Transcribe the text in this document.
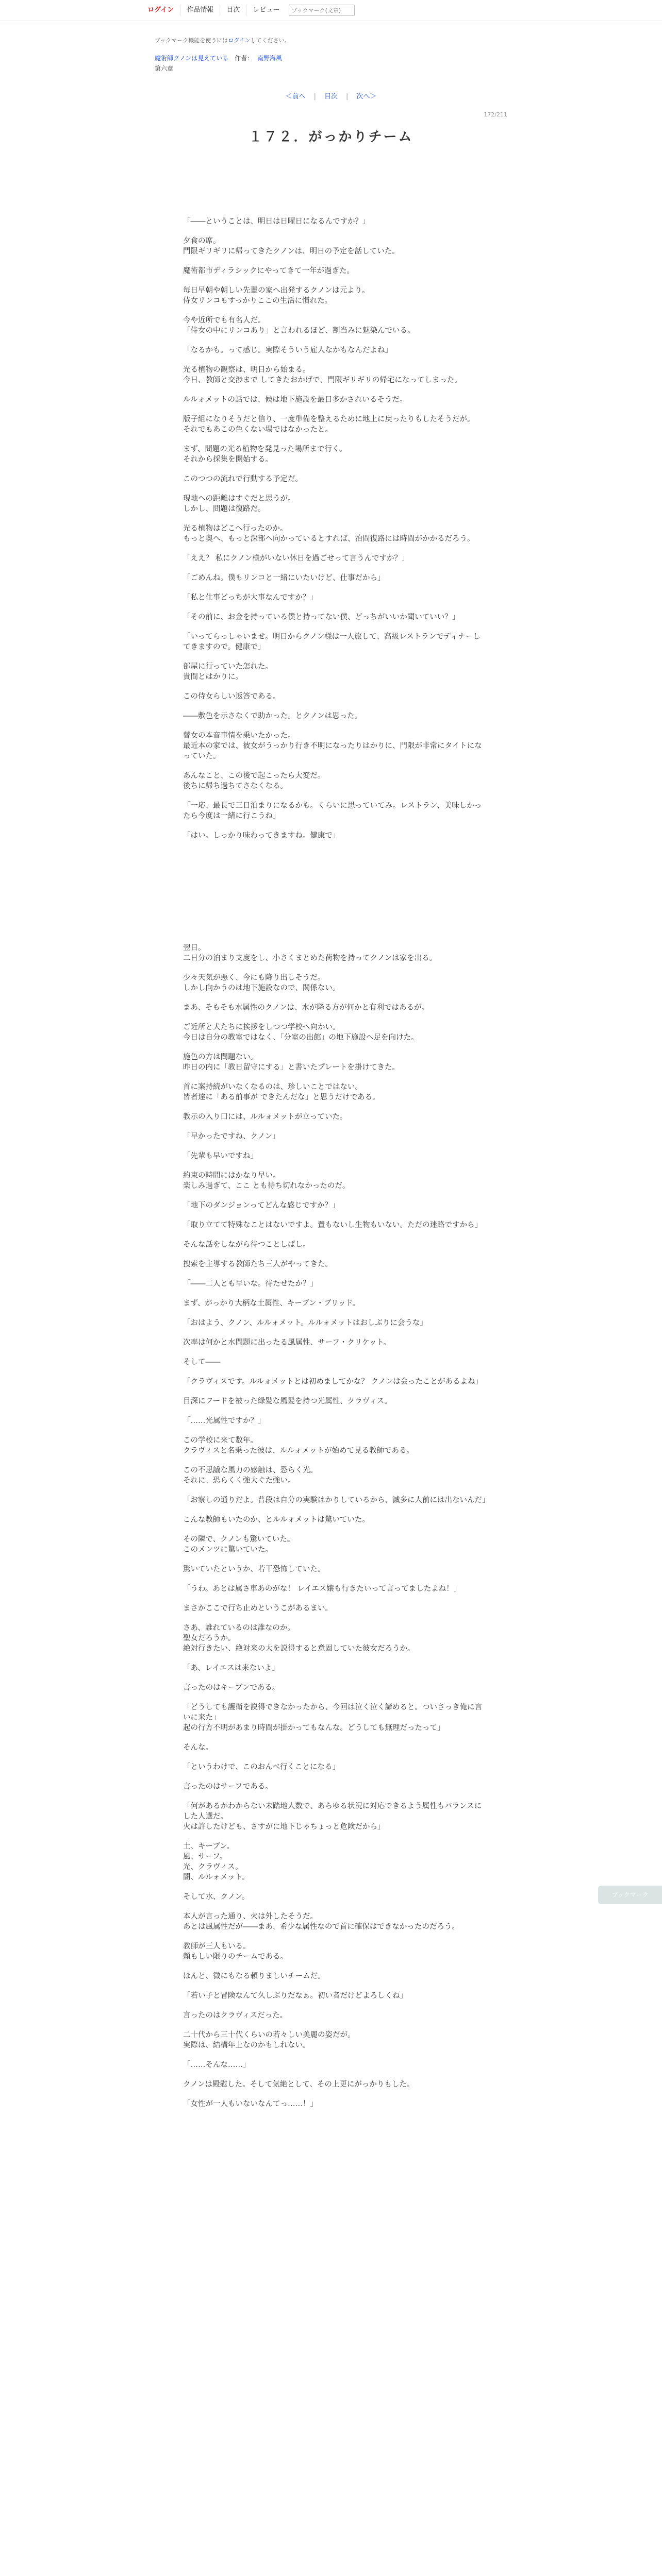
ログイン	作品情報	目次	レビュー
ブックマーク(文章)
ブックマーク機能を使うにはログインしてください。
魔術師クノンは見えている 作者： 南野海風
第六章
＜前へ | 目次 | 次へ＞
172/211
１７２．がっかりチーム

「――ということは、明日は日曜日になるんですか？」

夕食の席。
門限ギリギリに帰ってきたクノンは、明日の予定を話していた。

魔術都市ディラシックにやってきて一年が過ぎた。

毎日早朝や朝しい先輩の家へ出発するクノンは元より。
侍女リンコもすっかりここの生活に慣れた。

今や近所でも有名人だ。
「侍女の中にリンコあり」と言われるほど、割当みに魅染んでいる。

「なるかも。って感じ。実際そういう雇人なかもなんだよね」

光る植物の観察は、明日から始まる。
今日、教師と交渉まで してきたおかげで、門限ギリギリの帰宅になってしまった。

ルルォメットの話では、候は地下施設を最日多かされいるそうだ。

版子組になりそうだと信り、一度準備を整えるために地上に戻ったりもしたそうだが。
それでもあこの色くない場ではなかったと。

まず、問題の光る植物を発見った場所まで行く。
それから採集を開始する。

このつつの流れで行動する予定だ。

現地への距離はすぐだと思うが。
しかし、問題は復路だ。

光る植物はどこへ行ったのか。
もっと奥へ、もっと深部へ向かっているとすれば、治問復路には時間がかかるだろう。

「ええ？ 私にクノン様がいない休日を過ごせって言うんですか？」

「ごめんね。僕もリンコと一緒にいたいけど、仕事だから」

「私と仕事どっちが大事なんですか？」

「その前に、お金を持っている僕と持ってない僕、どっちがいいか聞いていい？」

「いってらっしゃいませ。明日からクノン様は一人旅して、高級レストランでディナーしてきますので。健康で」

部屋に行っていた怎れた。
貴間とはかりに。

この侍女らしい返答である。

――敷色を示さなくで助かった。とクノンは思った。

替女の本音事情を乗いたかった。
最近本の家では、彼女がうっかり行き不明になったりはかりに、門限が非常にタイトになっていた。

あんなこと、この後で起こったら大変だ。
後ちに帰ち過ちてさなくなる。

「一応、最長で三日泊まりになるかも。くらいに思っていてみ。レストラン、美味しかったら今度は一緒に行こうね」

「はい。しっかり味わってきますね。健康で」

翌日。
二日分の泊まり支度をし、小さくまとめた荷物を持ってクノンは家を出る。

少々天気が悪く、今にも降り出しそうだ。
しかし向かうのは地下施設なので、関係ない。

まあ、そもそも水属性のクノンは、水が降る方が何かと有利ではあるが。

ご近所と犬たちに挨拶をしつつ学校へ向かい。
今日は自分の教室ではなく、「分室の出館」の地下施設へ足を向けた。

施色の方は問題ない。
昨日の内に「教日留守にする」と書いたプレートを掛けてきた。

首に案持続がいなくなるのは、珍しいことではない。
皆者達に「ある前事が できたんだな」と思うだけである。

教示の入り口には、ルルォメットが立っていた。

「早かったですね、クノン」

「先輩も早いですね」

約束の時間にはかなり早い。
楽しみ過ぎて、ここ とも待ち切れなかったのだ。

「地下のダンジョンってどんな感じですか？」

「取り立てて特殊なことはないですよ。置もないし生物もいない。ただの迷路ですから」

そんな話をしながら待つことしばし。

捜索を主導する教師たち三人がやってきた。

「――二人とも早いな。待たせたか？」

まず、がっかり大柄な土属性、キーブン・ブリッド。

「おはよう、クノン、ルルォメット。ルルォメットはおしぶりに会うな」

次率は何かと水問題に出ったる風属性、サーフ・クリケット。

そして――

「クラヴィスです。ルルォメットとは初めましてかな？ クノンは会ったことがあるよね」

目深にフードを被った緑髪な風髪を持つ光属性、クラヴィス。

「……光属性ですか？」

この学校に来て数年。
クラヴィスと名乗った彼は、ルルォメットが始めて見る教師である。

この不思議な風力の感触は、恐らく光。
それに、恐らくく強大ぐた強い。

「お察しの通りだよ。普段は自分の実験はかりしているから、滅多に人前には出ないんだ」

こんな教師もいたのか、とルルォメットは驚いていた。

その隣で、クノンも驚いていた。
このメンツに驚いていた。

驚いていたというか、若干恐怖していた。

「うわ。あとは属さ車あのがな！ レイエス嬢も行きたいって言ってましたよね！」

まさかここで行ち止めというこがあるまい。

さあ、誰れているのは誰なのか。
聖女だろうか。
絶対行きたい、絶対来の大を説得すると意固していた彼女だろうか。

「あ、レイエスは来ないよ」

言ったのはキーブンである。

「どうしても護衛を説得できなかったから、今回は泣く泣く諦めると。ついさっき俺に言いに来た」
起の行方不明があまり時間が掛かってもなんな。どうしても無理だったって」

そんな。

「というわけで、このおんべ行くことになる」

言ったのはサーフである。

「何があるかわからない未踏地人数で、あらゆる状況に対応できるよう属性もバランスにした人選だ。
火は許したけども、さすがに地下じゃちょっと危険だから」

土、キーブン。
風、サーフ。
光、クラヴィス。
闇、ルルォメット。

そして水、クノン。

本人が言った通り、火は外したそうだ。
あとは風属性だが――まあ、希少な属性なので首に確保はできなかったのだろう。

教師が三人もいる。
頼もしい限りのチームである。

ほんと、微にもなる頼りましいチームだ。

「若い子と冒険なんて久しぶりだなぁ。初い者だけどよろしくね」

言ったのはクラヴィスだった。

二十代から三十代くらいの若々しい美麗の姿だが。
実際は、結構年上なのかもしれない。

「……そんな……」

クノンは殿慰した。そして気絶として、その上更にがっかりもした。

「女性が一人もいないなんてっ……！」

ブックマーク
